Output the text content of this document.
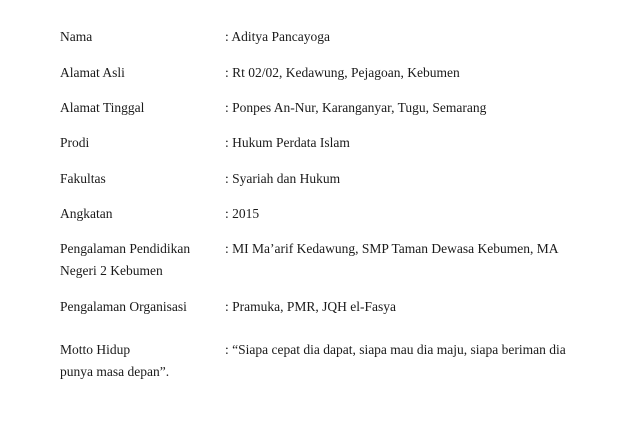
Nama	: Aditya Pancayoga
Alamat Asli	: Rt 02/02, Kedawung, Pejagoan, Kebumen
Alamat Tinggal	: Ponpes An-Nur, Karanganyar, Tugu, Semarang
Prodi	: Hukum Perdata Islam
Fakultas	: Syariah dan Hukum
Angkatan	: 2015
Pengalaman Pendidikan	: MI Ma’arif Kedawung, SMP Taman Dewasa Kebumen, MA
Negeri 2 Kebumen
Pengalaman Organisasi	: Pramuka, PMR, JQH el-Fasya
Motto Hidup	: “Siapa cepat dia dapat, siapa mau dia maju, siapa beriman dia
punya masa depan”.
